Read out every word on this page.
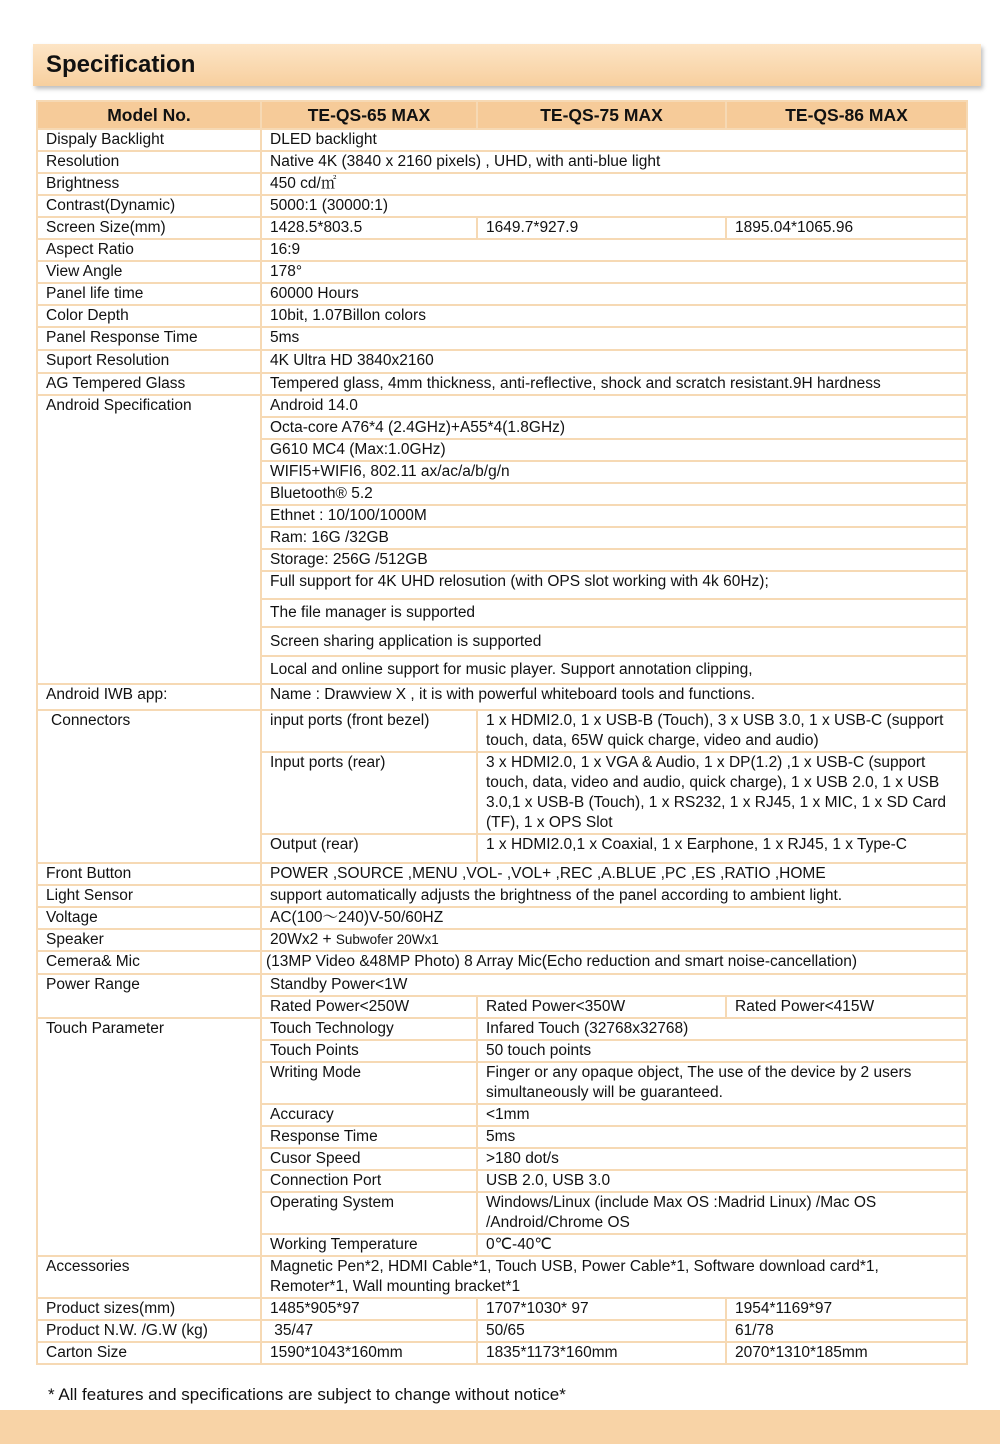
Specification
Model No.	TE-QS-65 MAX	TE-QS-75 MAX	TE-QS-86 MAX
Dispaly Backlight	DLED backlight		
Resolution	Native 4K (3840 x 2160 pixels) , UHD, with anti-blue light		
Brightness	450 cd/㎡		
Contrast(Dynamic)	5000:1 (30000:1)		
Screen Size(mm)	1428.5*803.5	1649.7*927.9	1895.04*1065.96
Aspect Ratio	16:9		
View Angle	178°		
Panel life time	60000 Hours		
Color Depth	10bit, 1.07Billon colors		
Panel Response Time	5ms		
Suport Resolution	4K Ultra HD 3840x2160		
AG Tempered Glass	Tempered glass, 4mm thickness, anti-reflective, shock and scratch resistant.9H hardness		
Android Specification	Android 14.0		
	Octa-core A76*4 (2.4GHz)+A55*4(1.8GHz)		
	G610 MC4 (Max:1.0GHz)		
	WIFI5+WIFI6, 802.11 ax/ac/a/b/g/n		
	Bluetooth® 5.2		
	Ethnet : 10/100/1000M		
	Ram: 16G /32GB		
	Storage: 256G /512GB		
	Full support for 4K UHD relosution (with OPS slot working with 4k 60Hz);		
	The file manager is supported		
	Screen sharing application is supported		
	Local and online support for music player. Support annotation clipping,		
Android IWB app:	Name : Drawview X , it is with powerful whiteboard tools and functions.		
Connectors	input ports (front bezel)	1 x HDMI2.0, 1 x USB-B (Touch), 3 x USB 3.0, 1 x USB-C (support touch, data, 65W quick charge, video and audio)	
	Input ports (rear)	3 x HDMI2.0, 1 x VGA & Audio, 1 x DP(1.2) ,1 x USB-C (support touch, data, video and audio, quick charge), 1 x USB 2.0, 1 x USB 3.0,1 x USB-B (Touch), 1 x RS232, 1 x RJ45, 1 x MIC, 1 x SD Card (TF), 1 x OPS Slot	
	Output (rear)	1 x HDMI2.0,1 x Coaxial, 1 x Earphone, 1 x RJ45, 1 x Type-C	
Front Button	POWER ,SOURCE ,MENU ,VOL- ,VOL+ ,REC ,A.BLUE ,PC ,ES ,RATIO ,HOME		
Light Sensor	support automatically adjusts the brightness of the panel according to ambient light.		
Voltage	AC(100～240)V-50/60HZ		
Speaker	20Wx2 + Subwofer 20Wx1		
Cemera& Mic	(13MP Video &48MP Photo) 8 Array Mic(Echo reduction and smart noise-cancellation)		
Power Range	Standby Power<1W		
	Rated Power<250W	Rated Power<350W	Rated Power<415W
Touch Parameter	Touch Technology	Infared Touch (32768x32768)	
	Touch Points	50 touch points	
	Writing Mode	Finger or any opaque object, The use of the device by 2 users simultaneously will be guaranteed.	
	Accuracy	<1mm	
	Response Time	5ms	
	Cusor Speed	>180 dot/s	
	Connection Port	USB 2.0, USB 3.0	
	Operating System	Windows/Linux (include Max OS :Madrid Linux) /Mac OS /Android/Chrome OS	
	Working Temperature	0℃-40℃	
Accessories	Magnetic Pen*2, HDMI Cable*1, Touch USB, Power Cable*1, Software download card*1, Remoter*1, Wall mounting bracket*1		
Product sizes(mm)	1485*905*97	1707*1030* 97	1954*1169*97
Product N.W. /G.W (kg)	35/47	50/65	61/78
Carton Size	1590*1043*160mm	1835*1173*160mm	2070*1310*185mm
* All features and specifications are subject to change without notice*
